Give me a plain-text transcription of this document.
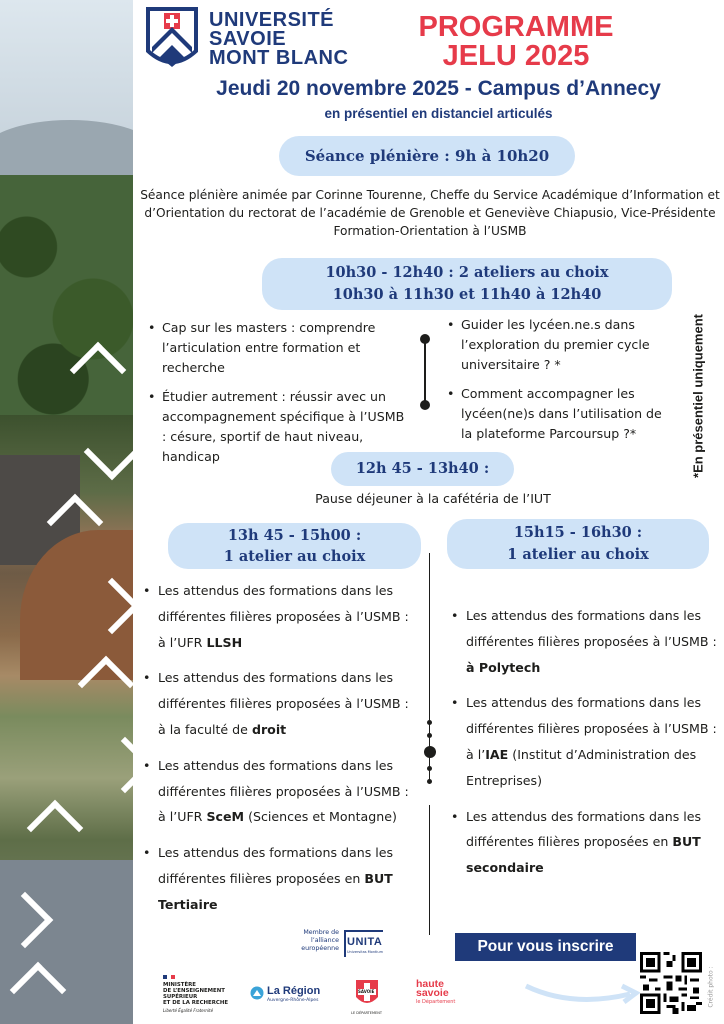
UNIVERSITÉ
SAVOIE
MONT BLANC
PROGRAMME
JELU 2025
Jeudi 20 novembre 2025 - Campus d’Annecy
en présentiel en distanciel articulés
Séance plénière : 9h à 10h20
Séance plénière animée par Corinne Tourenne, Cheffe du Service Académique d’Information et d’Orientation du rectorat de l’académie de Grenoble et Geneviève Chiapusio, Vice-Présidente Formation-Orientation à l’USMB
10h30 - 12h40 : 2 ateliers au choix
10h30 à 11h30 et 11h40 à 12h40
• Cap sur les masters : comprendre l’articulation entre formation et recherche
• Étudier autrement : réussir avec un accompagnement spécifique à l’USMB : césure, sportif de haut niveau, handicap
• Guider les lycéen.ne.s dans l’exploration du premier cycle universitaire ? *
• Comment accompagner les lycéen(ne)s dans l’utilisation de la plateforme Parcoursup ?*	*En présentiel uniquement
12h 45 - 13h40 :
Pause déjeuner à la cafétéria de l’IUT
13h 45 - 15h00 :
1 atelier au choix
15h15 - 16h30 :
1 atelier au choix
• Les attendus des formations dans les différentes filières proposées à l’USMB : à l’UFR LLSH
• Les attendus des formations dans les différentes filières proposées à l’USMB : à la faculté de droit
• Les attendus des formations dans les différentes filières proposées à l’USMB : à l’UFR SceM (Sciences et Montagne)
• Les attendus des formations dans les différentes filières proposées en BUT Tertiaire
• Les attendus des formations dans les différentes filières proposées à l’USMB : à Polytech
• Les attendus des formations dans les différentes filières proposées à l’USMB : à l’IAE (Institut d’Administration des Entreprises)
• Les attendus des formations dans les différentes filières proposées en BUT secondaire
Membre de l’alliance européenne
UNITA
Universitas Montium	Pour vous inscrire
Crédit photo :
MINISTÈRE
DE L’ENSEIGNEMENT
SUPÉRIEUR
ET DE LA RECHERCHE
Liberté Égalité Fraternité
La Région
Auvergne-Rhône-Alpes
SAVOIE
LE DÉPARTEMENT
haute
savoie
le Département
